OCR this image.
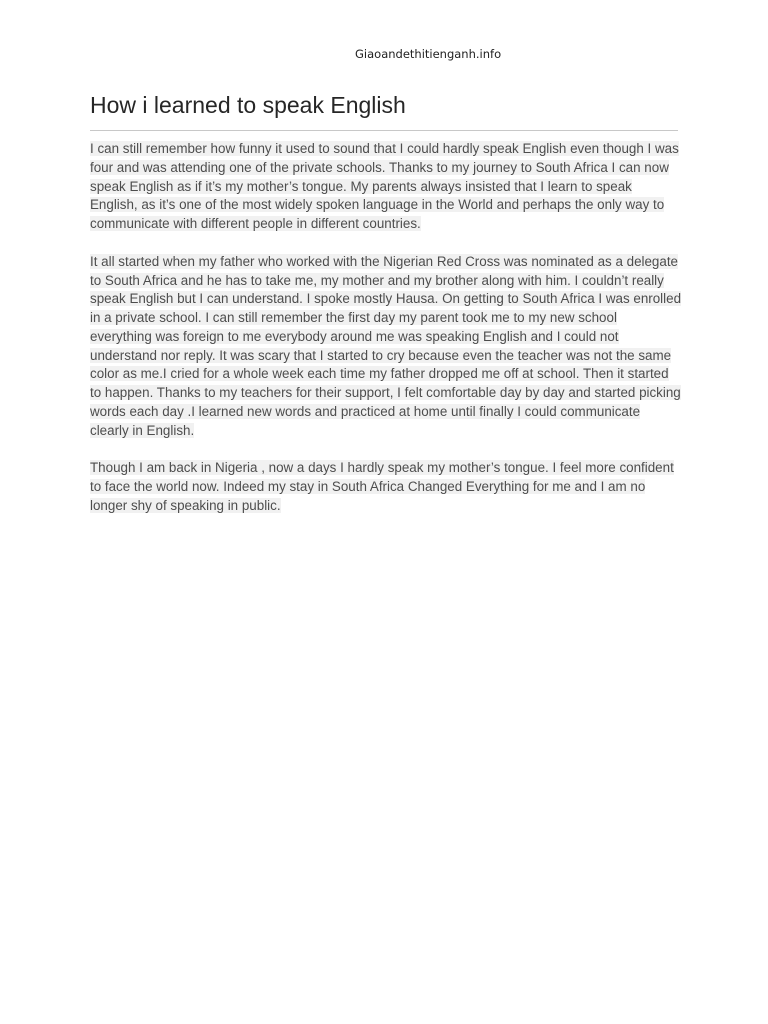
Giaoandethitienganh.info
How i learned to speak English

I can still remember how funny it used to sound that I could hardly speak English even though I was four and was attending one of the private schools. Thanks to my journey to South Africa I can now speak English as if it’s my mother’s tongue. My parents always insisted that I learn to speak English, as it’s one of the most widely spoken language in the World and perhaps the only way to communicate with different people in different countries.

It all started when my father who worked with the Nigerian Red Cross was nominated as a delegate to South Africa and he has to take me, my mother and my brother along with him. I couldn’t really speak English but I can understand. I spoke mostly Hausa. On getting to South Africa I was enrolled in a private school. I can still remember the first day my parent took me to my new school everything was foreign to me everybody around me was speaking English and I could not understand nor reply. It was scary that I started to cry because even the teacher was not the same color as me.I cried for a whole week each time my father dropped me off at school. Then it started to happen. Thanks to my teachers for their support, I felt comfortable day by day and started picking words each day .I learned new words and practiced at home until finally I could communicate clearly in English.

Though I am back in Nigeria , now a days I hardly speak my mother’s tongue. I feel more confident to face the world now. Indeed my stay in South Africa Changed Everything for me and I am no longer shy of speaking in public.
